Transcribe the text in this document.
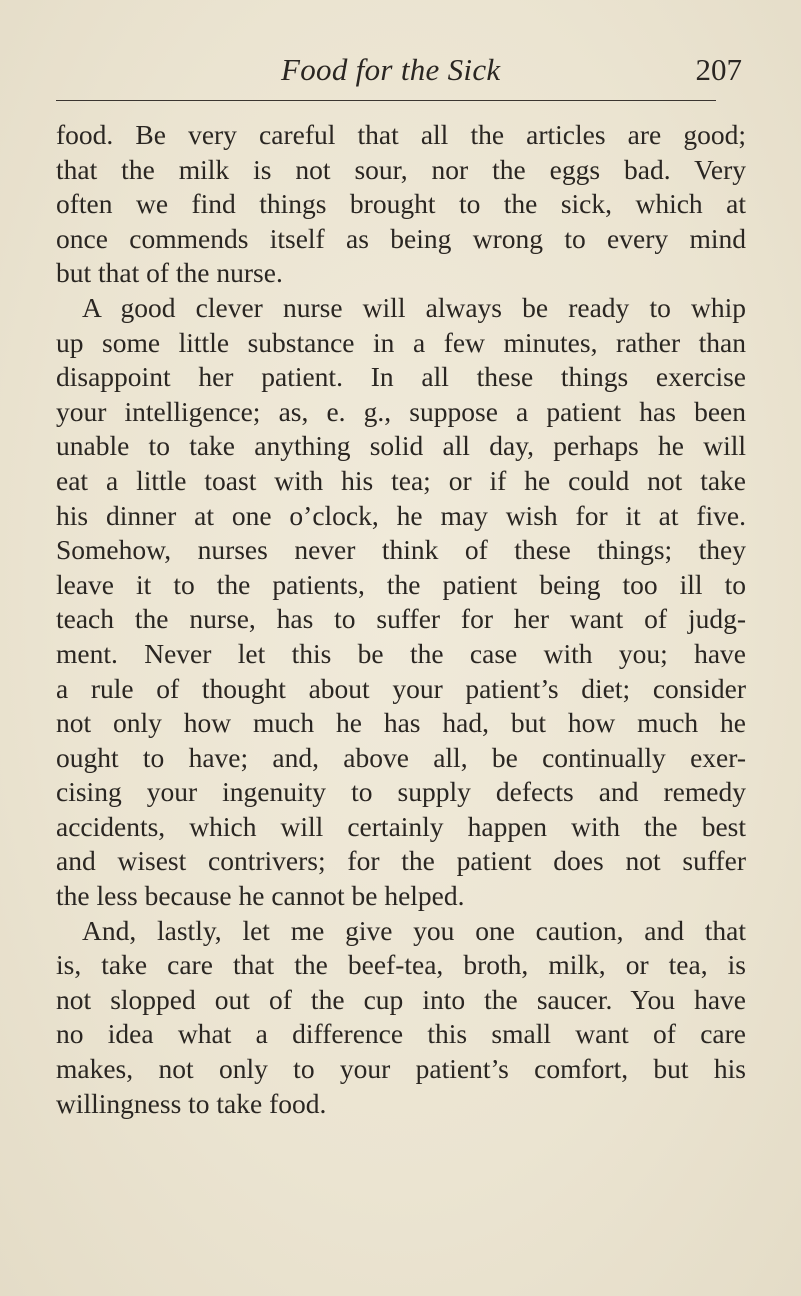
Food for the Sick	207
food. Be very careful that all the articles are good;
that the milk is not sour, nor the eggs bad. Very
often we find things brought to the sick, which at
once commends itself as being wrong to every mind
but that of the nurse.
A good clever nurse will always be ready to whip
up some little substance in a few minutes, rather than
disappoint her patient. In all these things exercise
your intelligence; as, e. g., suppose a patient has been
unable to take anything solid all day, perhaps he will
eat a little toast with his tea; or if he could not take
his dinner at one o’clock, he may wish for it at five.
Somehow, nurses never think of these things; they
leave it to the patients, the patient being too ill to
teach the nurse, has to suffer for her want of judg-
ment. Never let this be the case with you; have
a rule of thought about your patient’s diet; consider
not only how much he has had, but how much he
ought to have; and, above all, be continually exer-
cising your ingenuity to supply defects and remedy
accidents, which will certainly happen with the best
and wisest contrivers; for the patient does not suffer
the less because he cannot be helped.
And, lastly, let me give you one caution, and that
is, take care that the beef-tea, broth, milk, or tea, is
not slopped out of the cup into the saucer. You have
no idea what a difference this small want of care
makes, not only to your patient’s comfort, but his
willingness to take food.
